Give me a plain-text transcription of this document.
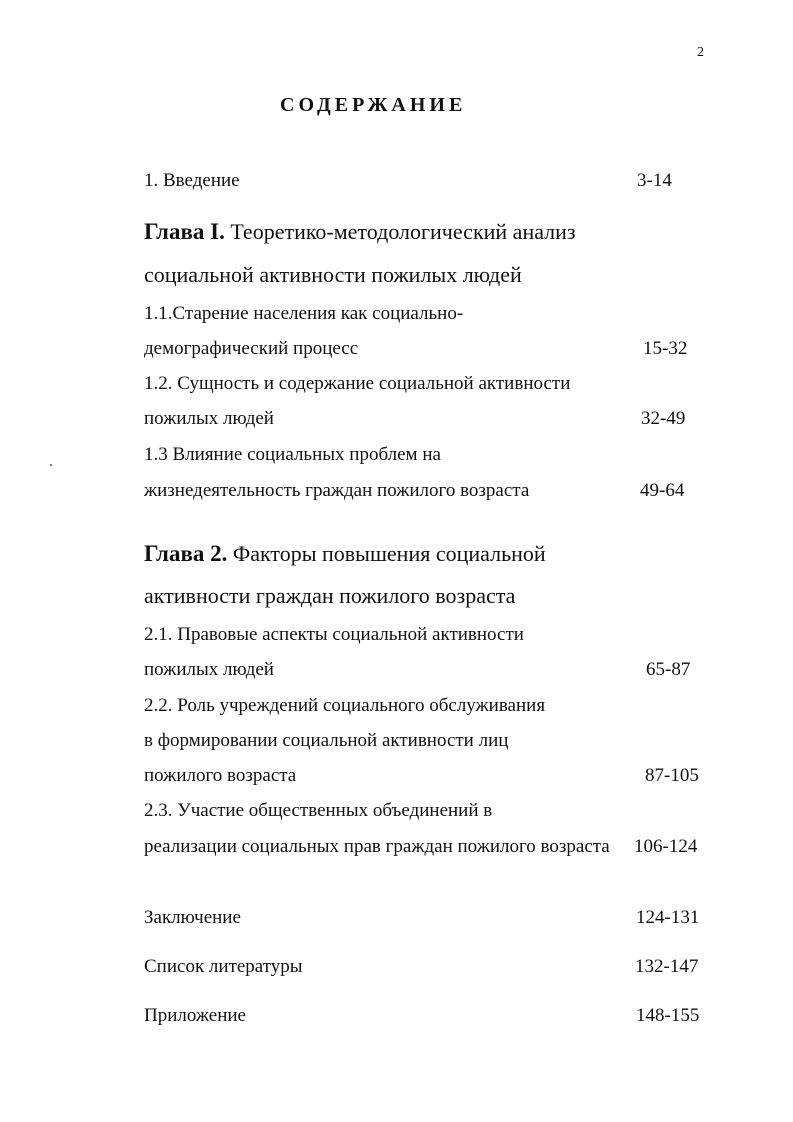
2
СОДЕРЖАНИЕ
1. Введение	3-14
Глава I. Теоретико-методологический анализ
социальной активности пожилых людей
1.1.Старение населения как социально-
демографический процесс	15-32
1.2. Сущность и содержание социальной активности
пожилых людей	32-49
1.3 Влияние социальных проблем на
жизнедеятельность граждан пожилого возраста	49-64
Глава 2. Факторы повышения социальной
активности граждан пожилого возраста
2.1. Правовые аспекты социальной активности
пожилых людей	65-87
2.2. Роль учреждений социального обслуживания
в формировании социальной активности лиц
пожилого возраста	87-105
2.3. Участие общественных объединений в
реализации социальных прав граждан пожилого возраста 106-124
Заключение	124-131
Список литературы	132-147
Приложение	148-155
